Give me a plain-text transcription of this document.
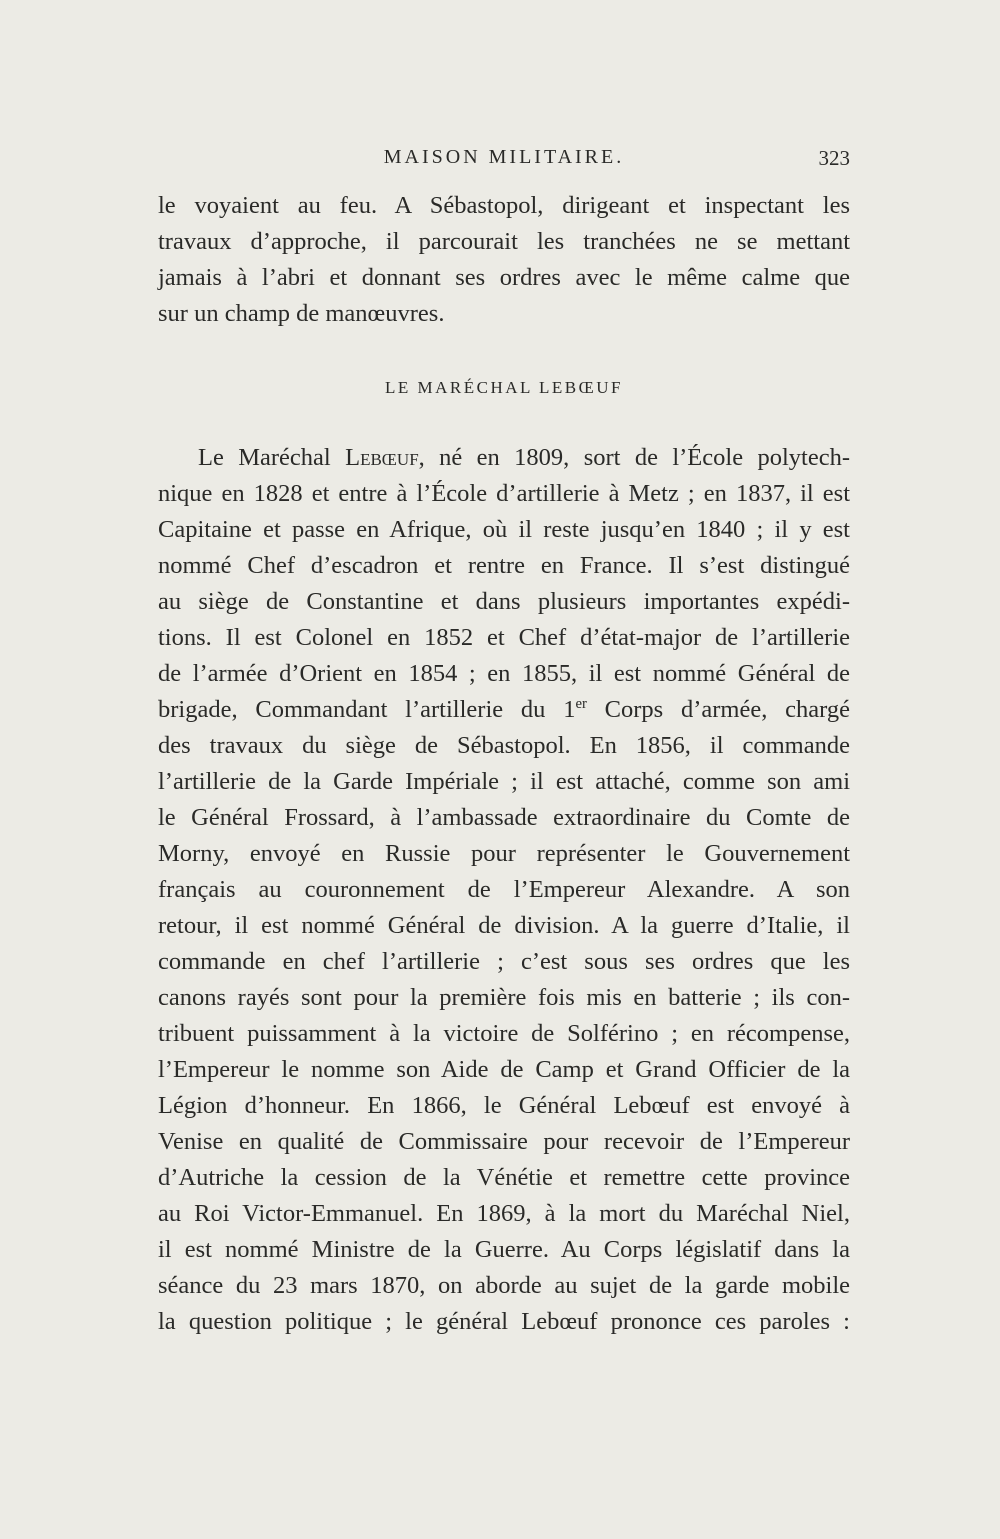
MAISON MILITAIRE.	323
le voyaient au feu. A Sébastopol, dirigeant et inspectant les
travaux d’approche, il parcourait les tranchées ne se mettant
jamais à l’abri et donnant ses ordres avec le même calme que
sur un champ de manœuvres.
LE MARÉCHAL LEBŒUF
Le Maréchal Lebœuf, né en 1809, sort de l’École polytech-
nique en 1828 et entre à l’École d’artillerie à Metz ; en 1837, il est
Capitaine et passe en Afrique, où il reste jusqu’en 1840 ; il y est
nommé Chef d’escadron et rentre en France. Il s’est distingué
au siège de Constantine et dans plusieurs importantes expédi-
tions. Il est Colonel en 1852 et Chef d’état-major de l’artillerie
de l’armée d’Orient en 1854 ; en 1855, il est nommé Général de
brigade, Commandant l’artillerie du 1er Corps d’armée, chargé
des travaux du siège de Sébastopol. En 1856, il commande
l’artillerie de la Garde Impériale ; il est attaché, comme son ami
le Général Frossard, à l’ambassade extraordinaire du Comte de
Morny, envoyé en Russie pour représenter le Gouvernement
français au couronnement de l’Empereur Alexandre. A son
retour, il est nommé Général de division. A la guerre d’Italie, il
commande en chef l’artillerie ; c’est sous ses ordres que les
canons rayés sont pour la première fois mis en batterie ; ils con-
tribuent puissamment à la victoire de Solférino ; en récompense,
l’Empereur le nomme son Aide de Camp et Grand Officier de la
Légion d’honneur. En 1866, le Général Lebœuf est envoyé à
Venise en qualité de Commissaire pour recevoir de l’Empereur
d’Autriche la cession de la Vénétie et remettre cette province
au Roi Victor-Emmanuel. En 1869, à la mort du Maréchal Niel,
il est nommé Ministre de la Guerre. Au Corps législatif dans la
séance du 23 mars 1870, on aborde au sujet de la garde mobile
la question politique ; le général Lebœuf prononce ces paroles :
